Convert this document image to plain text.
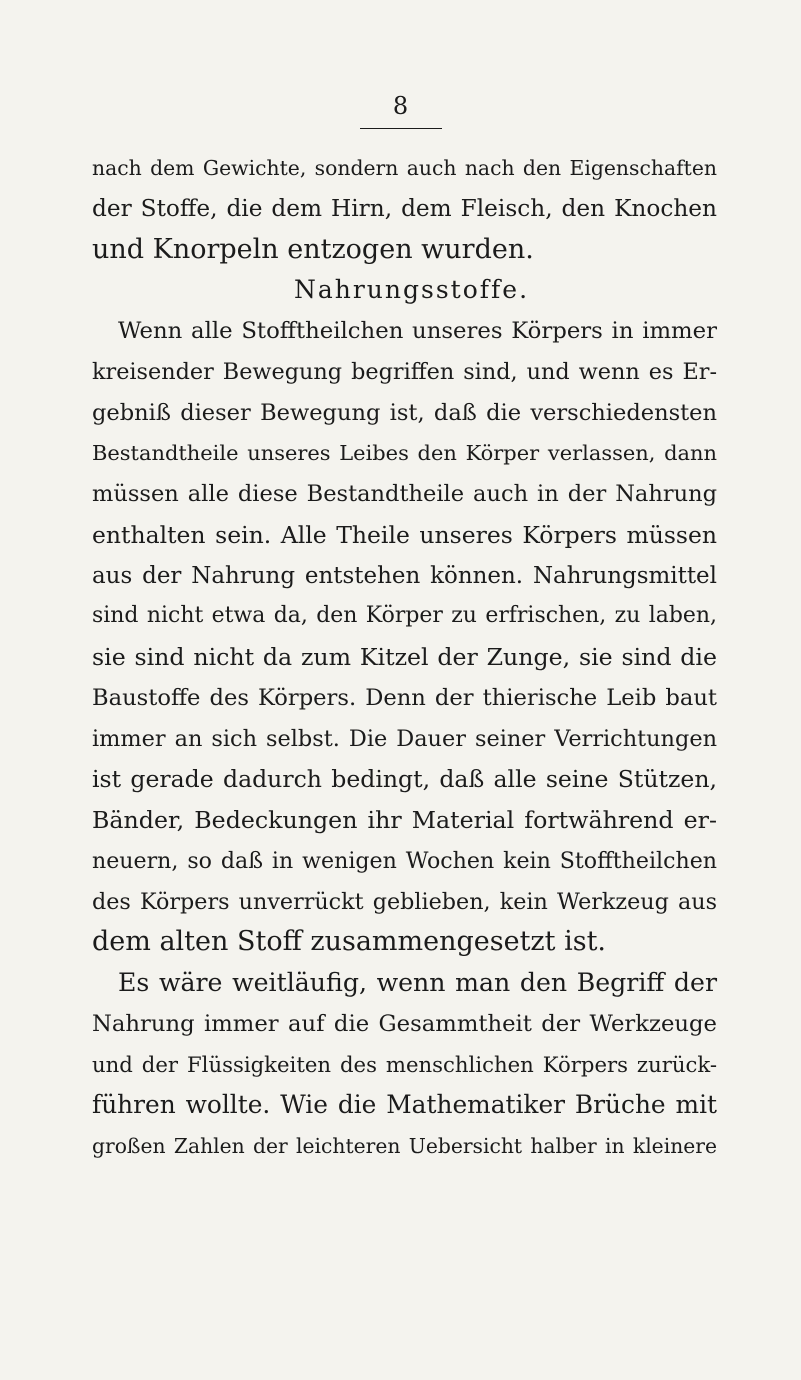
8
nach dem Gewichte, sondern auch nach den Eigenschaften
der Stoffe, die dem Hirn, dem Fleisch, den Knochen
und Knorpeln entzogen wurden.
Nahrungsstoffe.
Wenn alle Stofftheilchen unseres Körpers in immer
kreisender Bewegung begriffen sind, und wenn es Er-
gebniß dieser Bewegung ist, daß die verschiedensten
Bestandtheile unseres Leibes den Körper verlassen, dann
müssen alle diese Bestandtheile auch in der Nahrung
enthalten sein. Alle Theile unseres Körpers müssen
aus der Nahrung entstehen können. Nahrungsmittel
sind nicht etwa da, den Körper zu erfrischen, zu laben,
sie sind nicht da zum Kitzel der Zunge, sie sind die
Baustoffe des Körpers. Denn der thierische Leib baut
immer an sich selbst. Die Dauer seiner Verrichtungen
ist gerade dadurch bedingt, daß alle seine Stützen,
Bänder, Bedeckungen ihr Material fortwährend er-
neuern, so daß in wenigen Wochen kein Stofftheilchen
des Körpers unverrückt geblieben, kein Werkzeug aus
dem alten Stoff zusammengesetzt ist.
Es wäre weitläufig, wenn man den Begriff der
Nahrung immer auf die Gesammtheit der Werkzeuge
und der Flüssigkeiten des menschlichen Körpers zurück-
führen wollte. Wie die Mathematiker Brüche mit
großen Zahlen der leichteren Uebersicht halber in kleinere
